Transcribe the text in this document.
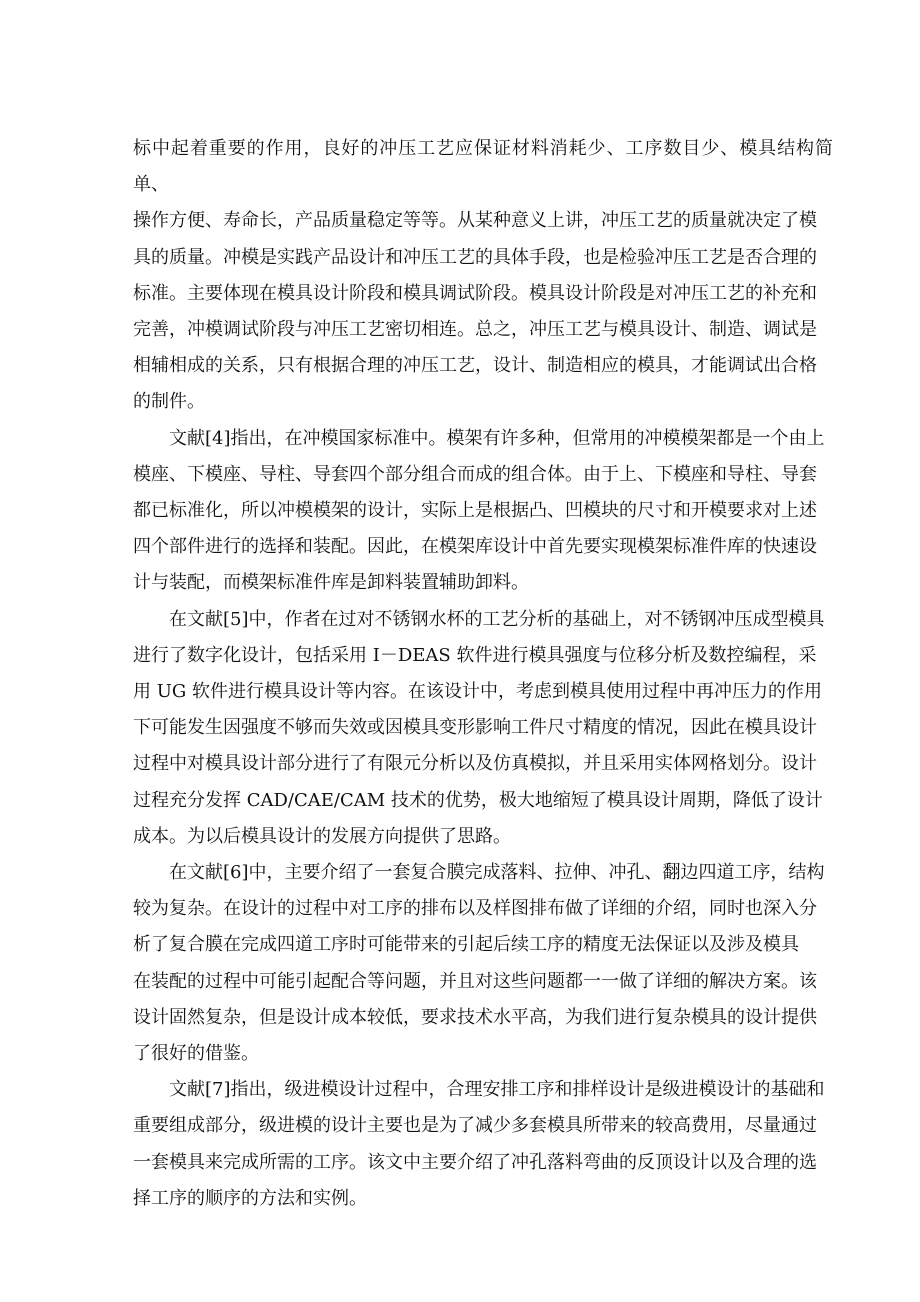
标中起着重要的作用，良好的冲压工艺应保证材料消耗少、工序数目少、模具结构简单、
操作方便、寿命长，产品质量稳定等等。从某种意义上讲，冲压工艺的质量就决定了模
具的质量。冲模是实践产品设计和冲压工艺的具体手段，也是检验冲压工艺是否合理的
标准。主要体现在模具设计阶段和模具调试阶段。模具设计阶段是对冲压工艺的补充和
完善，冲模调试阶段与冲压工艺密切相连。总之，冲压工艺与模具设计、制造、调试是
相辅相成的关系，只有根据合理的冲压工艺，设计、制造相应的模具，才能调试出合格
的制件。

文献[4]指出，在冲模国家标准中。模架有许多种，但常用的冲模模架都是一个由上
模座、下模座、导柱、导套四个部分组合而成的组合体。由于上、下模座和导柱、导套
都已标准化，所以冲模模架的设计，实际上是根据凸、凹模块的尺寸和开模要求对上述
四个部件进行的选择和装配。因此，在模架库设计中首先要实现模架标准件库的快速设
计与装配，而模架标准件库是卸料装置辅助卸料。

在文献[5]中，作者在过对不锈钢水杯的工艺分析的基础上，对不锈钢冲压成型模具
进行了数字化设计，包括采用 I－DEAS 软件进行模具强度与位移分析及数控编程，采
用 UG 软件进行模具设计等内容。在该设计中，考虑到模具使用过程中再冲压力的作用
下可能发生因强度不够而失效或因模具变形影响工件尺寸精度的情况，因此在模具设计
过程中对模具设计部分进行了有限元分析以及仿真模拟，并且采用实体网格划分。设计
过程充分发挥 CAD/CAE/CAM 技术的优势，极大地缩短了模具设计周期，降低了设计
成本。为以后模具设计的发展方向提供了思路。

在文献[6]中，主要介绍了一套复合膜完成落料、拉伸、冲孔、翻边四道工序，结构
较为复杂。在设计的过程中对工序的排布以及样图排布做了详细的介绍，同时也深入分
析了复合膜在完成四道工序时可能带来的引起后续工序的精度无法保证以及涉及模具
在装配的过程中可能引起配合等问题，并且对这些问题都一一做了详细的解决方案。该
设计固然复杂，但是设计成本较低，要求技术水平高，为我们进行复杂模具的设计提供
了很好的借鉴。

文献[7]指出，级进模设计过程中，合理安排工序和排样设计是级进模设计的基础和
重要组成部分，级进模的设计主要也是为了减少多套模具所带来的较高费用，尽量通过
一套模具来完成所需的工序。该文中主要介绍了冲孔落料弯曲的反顶设计以及合理的选
择工序的顺序的方法和实例。
